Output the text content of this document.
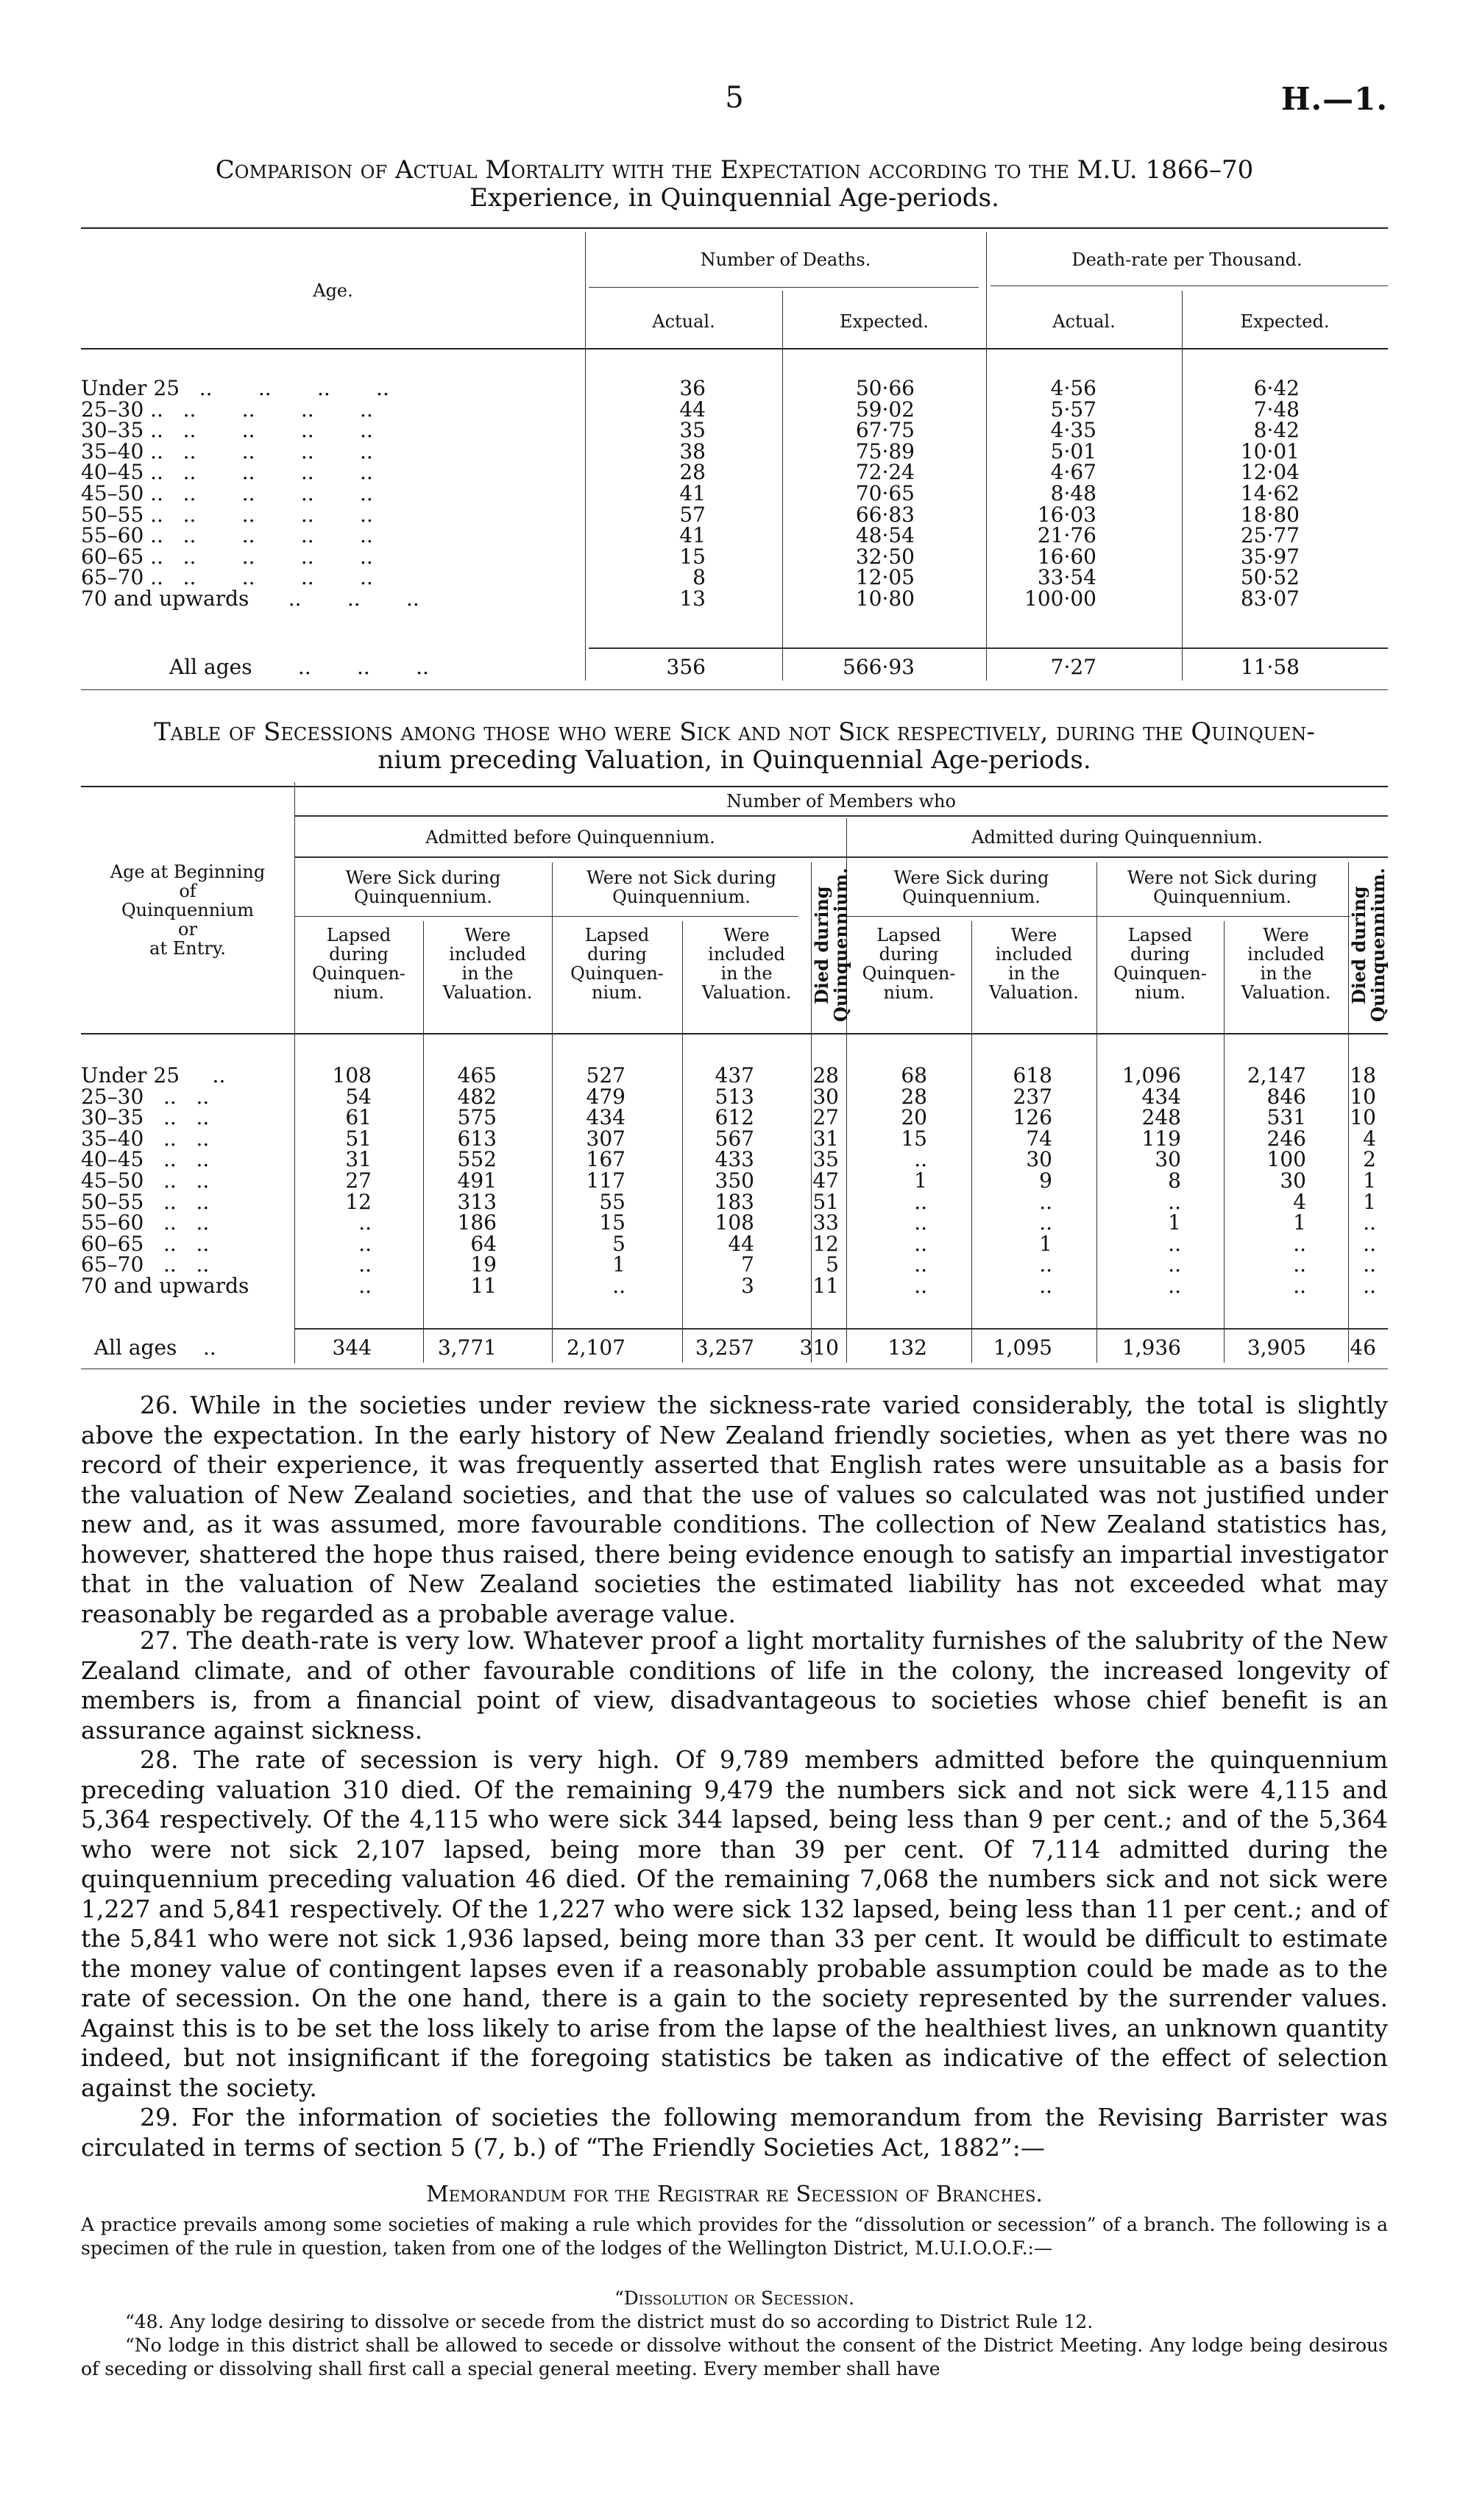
5	H.—1.
Comparison of Actual Mortality with the Expectation according to the M.U. 1866–70
Experience, in Quinquennial Age-periods.
Age.
Number of Deaths.	Death-rate per Thousand.
Actual.	Expected.	Actual.	Expected.
Under 25   ..       ..       ..       ..	36	50·66	4·56	6·42
25–30 ..   ..       ..       ..       ..	44	59·02	5·57	7·48
30–35 ..   ..       ..       ..       ..	35	67·75	4·35	8·42
35–40 ..   ..       ..       ..       ..	38	75·89	5·01	10·01
40–45 ..   ..       ..       ..       ..	28	72·24	4·67	12·04
45–50 ..   ..       ..       ..       ..	41	70·65	8·48	14·62
50–55 ..   ..       ..       ..       ..	57	66·83	16·03	18·80
55–60 ..   ..       ..       ..       ..	41	48·54	21·76	25·77
60–65 ..   ..       ..       ..       ..	15	32·50	16·60	35·97
65–70 ..   ..       ..       ..       ..	8	12·05	33·54	50·52
70 and upwards      ..       ..       ..	13	10·80	100·00	83·07
All ages       ..       ..       ..	356	566·93	7·27	11·58
Table of Secessions among those who were Sick and not Sick respectively, during the Quinquen-
nium preceding Valuation, in Quinquennial Age-periods.
Age at Beginning
of
Quinquennium
or
at Entry.
Number of Members who
Admitted before Quinquennium.	Admitted during Quinquennium.
Were Sick during
Quinquennium.
Were not Sick during
Quinquennium.
Were Sick during
Quinquennium.
Were not Sick during
Quinquennium.
Lapsed
during
Quinquen-
nium.
Were
included
in the
Valuation.
Lapsed
during
Quinquen-
nium.
Were
included
in the
Valuation.
Lapsed
during
Quinquen-
nium.
Were
included
in the
Valuation.
Lapsed
during
Quinquen-
nium.
Were
included
in the
Valuation.
Died during
Quinquennium.	Died during
Quinquennium.
Under 25     ..	108	465	527	437	28	68	618	1,096	2,147	18
25–30   ..   ..	54	482	479	513	30	28	237	434	846	10
30–35   ..   ..	61	575	434	612	27	20	126	248	531	10
35–40   ..   ..	51	613	307	567	31	15	74	119	246	4
40–45   ..   ..	31	552	167	433	35	..	30	30	100	2
45–50   ..   ..	27	491	117	350	47	1	9	8	30	1
50–55   ..   ..	12	313	55	183	51	..	..	..	4	1
55–60   ..   ..	..	186	15	108	33	..	..	1	1	..
60–65   ..   ..	..	64	5	44	12	..	1	..	..	..
65–70   ..   ..	..	19	1	7	5	..	..	..	..	..
70 and upwards	..	11	..	3	11	..	..	..	..	..
All ages    ..	344	3,771	2,107	3,257	310	132	1,095	1,936	3,905	46
26. While in the societies under review the sickness-rate varied considerably, the total is slightly above the expectation. In the early history of New Zealand friendly societies, when as yet there was no record of their experience, it was frequently asserted that English rates were unsuitable as a basis for the valuation of New Zealand societies, and that the use of values so calculated was not justified under new and, as it was assumed, more favourable conditions. The collection of New Zealand statistics has, however, shattered the hope thus raised, there being evidence enough to satisfy an impartial investigator that in the valuation of New Zealand societies the estimated liability has not exceeded what may reasonably be regarded as a probable average value.
27. The death-rate is very low. Whatever proof a light mortality furnishes of the salubrity of the New Zealand climate, and of other favourable conditions of life in the colony, the increased longevity of members is, from a financial point of view, disadvantageous to societies whose chief benefit is an assurance against sickness.
28. The rate of secession is very high. Of 9,789 members admitted before the quinquennium preceding valuation 310 died. Of the remaining 9,479 the numbers sick and not sick were 4,115 and 5,364 respectively. Of the 4,115 who were sick 344 lapsed, being less than 9 per cent.; and of the 5,364 who were not sick 2,107 lapsed, being more than 39 per cent. Of 7,114 admitted during the quinquennium preceding valuation 46 died. Of the remaining 7,068 the numbers sick and not sick were 1,227 and 5,841 respectively. Of the 1,227 who were sick 132 lapsed, being less than 11 per cent.; and of the 5,841 who were not sick 1,936 lapsed, being more than 33 per cent. It would be difficult to estimate the money value of contingent lapses even if a reasonably probable assumption could be made as to the rate of secession. On the one hand, there is a gain to the society represented by the surrender values. Against this is to be set the loss likely to arise from the lapse of the healthiest lives, an unknown quantity indeed, but not insignificant if the foregoing statistics be taken as indicative of the effect of selection against the society.
29. For the information of societies the following memorandum from the Revising Barrister was circulated in terms of section 5 (7, b.) of “The Friendly Societies Act, 1882”:—
Memorandum for the Registrar re Secession of Branches.
A practice prevails among some societies of making a rule which provides for the “dissolution or secession” of a branch. The following is a specimen of the rule in question, taken from one of the lodges of the Wellington District, M.U.I.O.O.F.:—
“Dissolution or Secession.
“48. Any lodge desiring to dissolve or secede from the district must do so according to District Rule 12.
“No lodge in this district shall be allowed to secede or dissolve without the consent of the District Meeting. Any lodge being desirous of seceding or dissolving shall first call a special general meeting. Every member shall have
